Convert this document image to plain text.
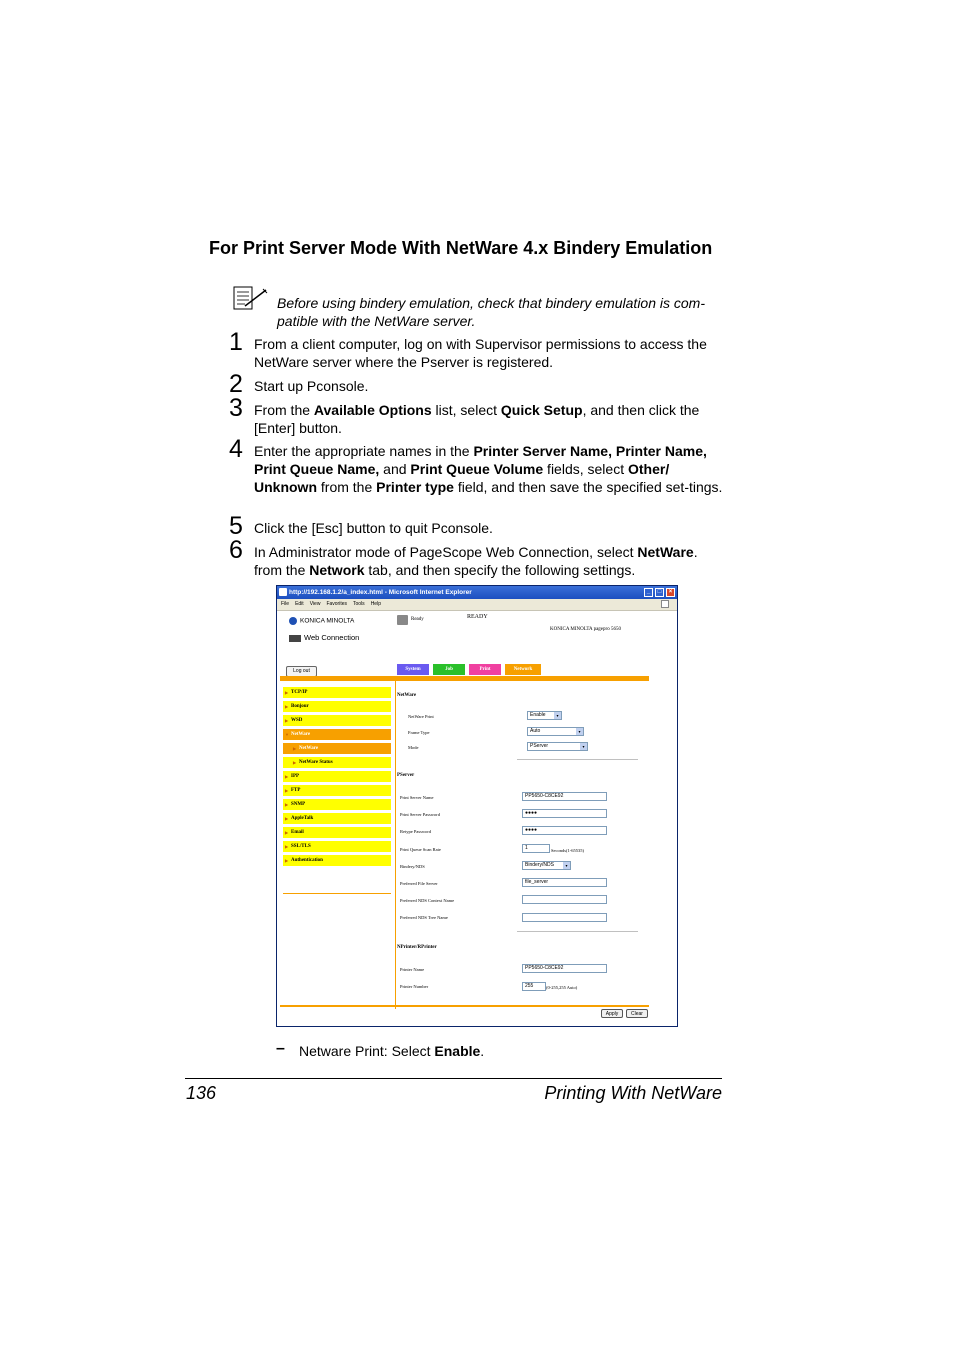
For Print Server Mode With NetWare 4.x Bindery Emulation
Before using bindery emulation, check that bindery emulation is com-patible with the NetWare server.
1 From a client computer, log on with Supervisor permissions to access the NetWare server where the Pserver is registered.
2 Start up Pconsole.
3 From the Available Options list, select Quick Setup, and then click the [Enter] button.
4 Enter the appropriate names in the Printer Server Name, Printer Name, Print Queue Name, and Print Queue Volume fields, select Other/ Unknown from the Printer type field, and then save the specified set-tings.
5 Click the [Esc] button to quit Pconsole.
6 In Administrator mode of PageScope Web Connection, select NetWare. from the Network tab, and then specify the following settings.
http://192.168.1.2/a_index.html - Microsoft Internet Explorer	_	□	×
File Edit View Favorites Tools Help
KONICA MINOLTA
Web Connection
Ready	READY
KONICA MINOLTA pagepro 5650
Log out	System	Job	Print	Network
▶ TCP/IP
▶ Bonjour
▶ WSD
▼ NetWare
▶ NetWare
▶ NetWare Status
▶ IPP
▶ FTP
▶ SNMP
▶ AppleTalk
▶ Email
▶ SSL/TLS
▶ Authentication
NetWare
NetWare Print	Enable	▾
Frame Type	Auto	▾
Mode	PServer	▾
PServer
Print Server Name	PP5650-C8CE92
Print Server Password	●●●●
Retype Password	●●●●
Print Queue Scan Rate	1	Seconds(1-65535)
Bindery/NDS	Bindery/NDS	▾
Preferred File Server	file_server
Preferred NDS Context Name
Preferred NDS Tree Name
NPrinter/RPrinter
Printer Name	PP5650-C8CE92
Printer Number	255	(0-255,255 Auto)
Apply	Clear
– Netware Print: Select Enable.
136	Printing With NetWare
